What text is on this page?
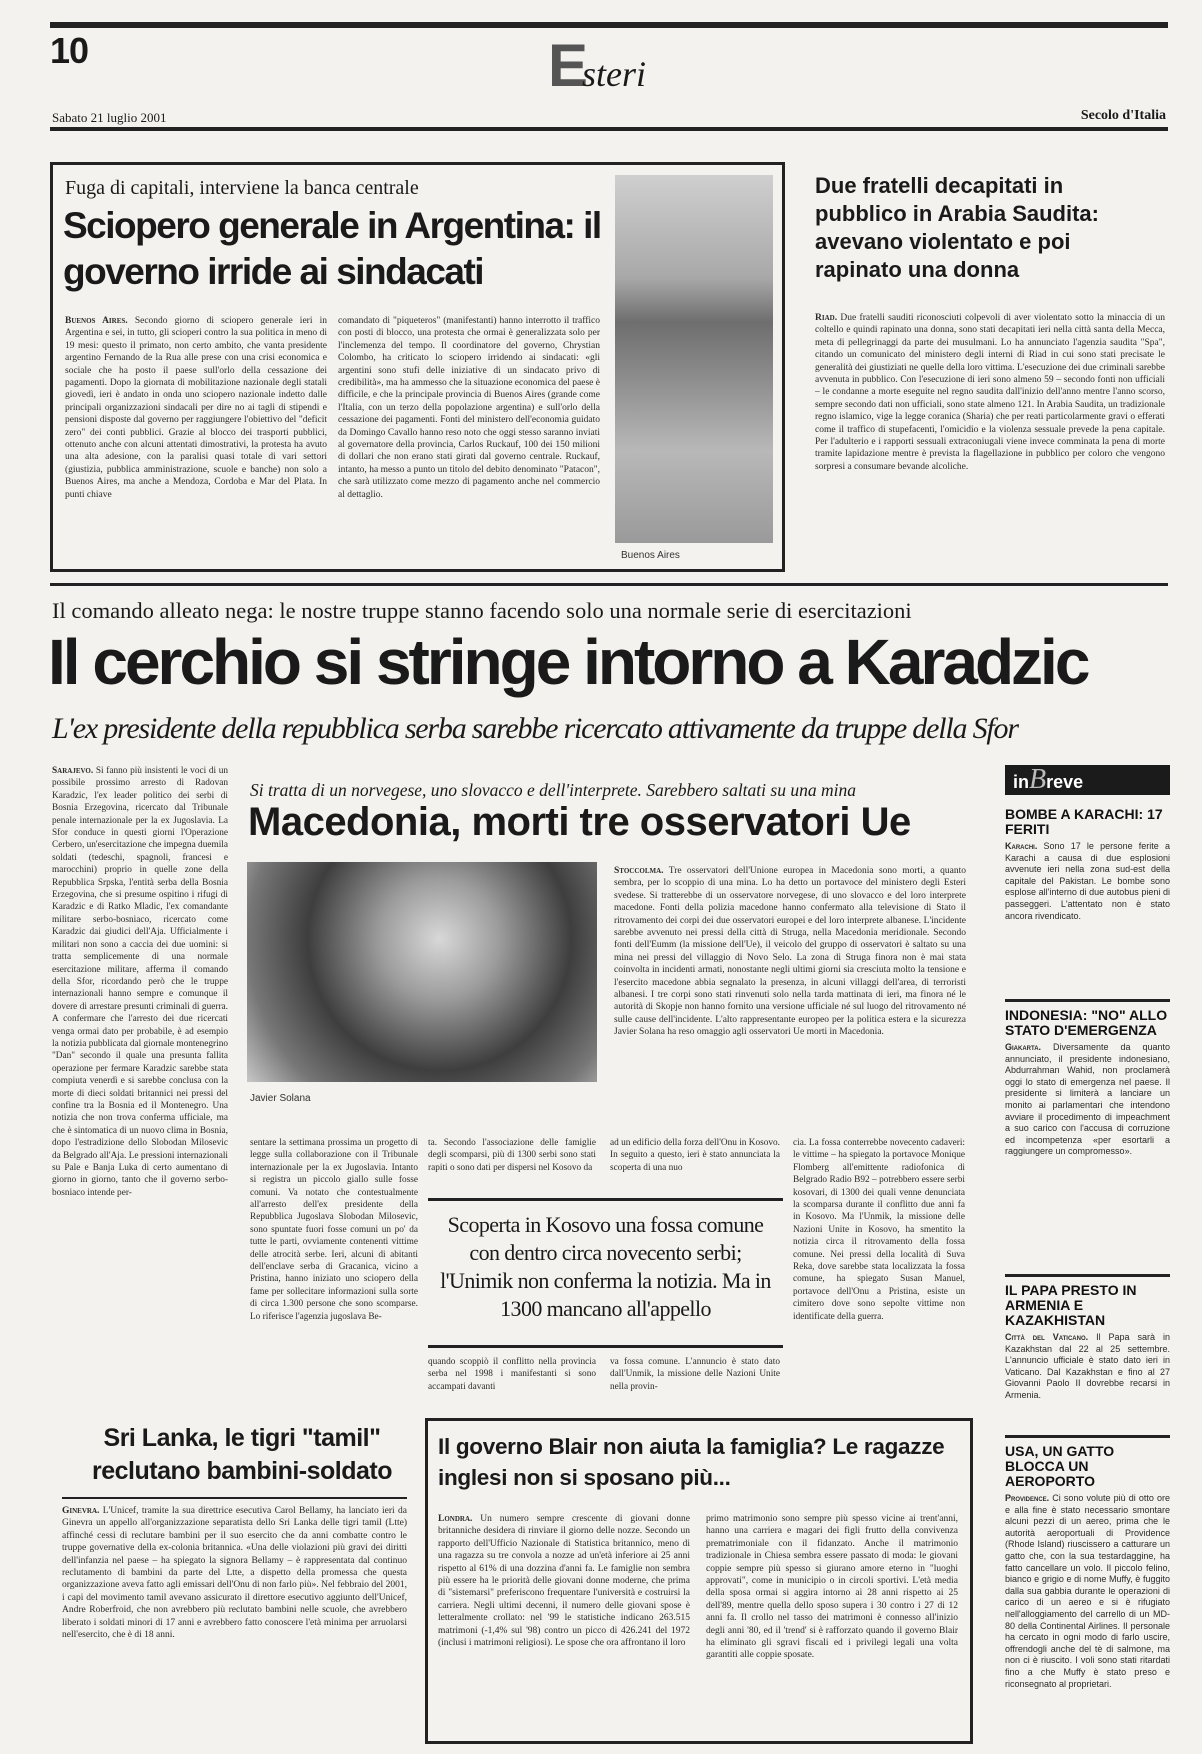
10	Esteri
Sabato 21 luglio 2001	Secolo d'Italia
Fuga di capitali, interviene la banca centrale
Sciopero generale in Argentina: il governo irride ai sindacati
Buenos Aires. Secondo giorno di sciopero generale ieri in Argentina e sei, in tutto, gli scioperi contro la sua politica in meno di 19 mesi: questo il primato, non certo ambito, che vanta presidente argentino Fernando de la Rua alle prese con una crisi economica e sociale che ha posto il paese sull'orlo della cessazione dei pagamenti. Dopo la giornata di mobilitazione nazionale degli statali giovedì, ieri è andato in onda uno sciopero nazionale indetto dalle principali organizzazioni sindacali per dire no ai tagli di stipendi e pensioni disposte dal governo per raggiungere l'obiettivo del "deficit zero" dei conti pubblici. Grazie al blocco dei trasporti pubblici, ottenuto anche con alcuni attentati dimostrativi, la protesta ha avuto una alta adesione, con la paralisi quasi totale di vari settori (giustizia, pubblica amministrazione, scuole e banche) non solo a Buenos Aires, ma anche a Mendoza, Cordoba e Mar del Plata. In punti chiave
comandato di "piqueteros" (manifestanti) hanno interrotto il traffico con posti di blocco, una protesta che ormai è generalizzata solo per l'inclemenza del tempo. Il coordinatore del governo, Chrystian Colombo, ha criticato lo sciopero irridendo ai sindacati: «gli argentini sono stufi delle iniziative di un sindacato privo di credibilità», ma ha ammesso che la situazione economica del paese è difficile, e che la principale provincia di Buenos Aires (grande come l'Italia, con un terzo della popolazione argentina) e sull'orlo della cessazione dei pagamenti. Fonti del ministero dell'economia guidato da Domingo Cavallo hanno reso noto che oggi stesso saranno inviati al governatore della provincia, Carlos Ruckauf, 100 dei 150 milioni di dollari che non erano stati girati dal governo centrale. Ruckauf, intanto, ha messo a punto un titolo del debito denominato "Patacon", che sarà utilizzato come mezzo di pagamento anche nel commercio al dettaglio.
Buenos Aires
Due fratelli decapitati in pubblico in Arabia Saudita: avevano violentato e poi rapinato una donna
Riad. Due fratelli sauditi riconosciuti colpevoli di aver violentato sotto la minaccia di un coltello e quindi rapinato una donna, sono stati decapitati ieri nella città santa della Mecca, meta di pellegrinaggi da parte dei musulmani. Lo ha annunciato l'agenzia saudita "Spa", citando un comunicato del ministero degli interni di Riad in cui sono stati precisate le generalità dei giustiziati ne quelle della loro vittima. L'esecuzione dei due criminali sarebbe avvenuta in pubblico. Con l'esecuzione di ieri sono almeno 59 – secondo fonti non ufficiali – le condanne a morte eseguite nel regno saudita dall'inizio dell'anno mentre l'anno scorso, sempre secondo dati non ufficiali, sono state almeno 121. In Arabia Saudita, un tradizionale regno islamico, vige la legge coranica (Sharia) che per reati particolarmente gravi o efferati come il traffico di stupefacenti, l'omicidio e la violenza sessuale prevede la pena capitale. Per l'adulterio e i rapporti sessuali extraconiugali viene invece comminata la pena di morte tramite lapidazione mentre è prevista la flagellazione in pubblico per coloro che vengono sorpresi a consumare bevande alcoliche.
Il comando alleato nega: le nostre truppe stanno facendo solo una normale serie di esercitazioni
Il cerchio si stringe intorno a Karadzic
L'ex presidente della repubblica serba sarebbe ricercato attivamente da truppe della Sfor
Sarajevo. Si fanno più insistenti le voci di un possibile prossimo arresto di Radovan Karadzic, l'ex leader politico dei serbi di Bosnia Erzegovina, ricercato dal Tribunale penale internazionale per la ex Jugoslavia. La Sfor conduce in questi giorni l'Operazione Cerbero, un'esercitazione che impegna duemila soldati (tedeschi, spagnoli, francesi e marocchini) proprio in quelle zone della Repubblica Srpska, l'entità serba della Bosnia Erzegovina, che si presume ospitino i rifugi di Karadzic e di Ratko Mladic, l'ex comandante militare serbo-bosniaco, ricercato come Karadzic dai giudici dell'Aja. Ufficialmente i militari non sono a caccia dei due uomini: si tratta semplicemente di una normale esercitazione militare, afferma il comando della Sfor, ricordando però che le truppe internazionali hanno sempre e comunque il dovere di arrestare presunti criminali di guerra. A confermare che l'arresto dei due ricercati venga ormai dato per probabile, è ad esempio la notizia pubblicata dal giornale montenegrino "Dan" secondo il quale una presunta fallita operazione per fermare Karadzic sarebbe stata compiuta venerdì e si sarebbe conclusa con la morte di dieci soldati britannici nei pressi del confine tra la Bosnia ed il Montenegro. Una notizia che non trova conferma ufficiale, ma che è sintomatica di un nuovo clima in Bosnia, dopo l'estradizione dello Slobodan Milosevic da Belgrado all'Aja. Le pressioni internazionali su Pale e Banja Luka di certo aumentano di giorno in giorno, tanto che il governo serbo-bosniaco intende per-
Si tratta di un norvegese, uno slovacco e dell'interprete. Sarebbero saltati su una mina
Macedonia, morti tre osservatori Ue
Javier Solana
Stoccolma. Tre osservatori dell'Unione europea in Macedonia sono morti, a quanto sembra, per lo scoppio di una mina. Lo ha detto un portavoce del ministero degli Esteri svedese. Si tratterebbe di un osservatore norvegese, di uno slovacco e del loro interprete macedone. Fonti della polizia macedone hanno confermato alla televisione di Stato il ritrovamento dei corpi dei due osservatori europei e del loro interprete albanese. L'incidente sarebbe avvenuto nei pressi della città di Struga, nella Macedonia meridionale. Secondo fonti dell'Eumm (la missione dell'Ue), il veicolo del gruppo di osservatori è saltato su una mina nei pressi del villaggio di Novo Selo. La zona di Struga finora non è mai stata coinvolta in incidenti armati, nonostante negli ultimi giorni sia cresciuta molto la tensione e l'esercito macedone abbia segnalato la presenza, in alcuni villaggi dell'area, di terroristi albanesi. I tre corpi sono stati rinvenuti solo nella tarda mattinata di ieri, ma finora né le autorità di Skopje non hanno fornito una versione ufficiale né sul luogo del ritrovamento né sulle cause dell'incidente. L'alto rappresentante europeo per la politica estera e la sicurezza Javier Solana ha reso omaggio agli osservatori Ue morti in Macedonia.
sentare la settimana prossima un progetto di legge sulla collaborazione con il Tribunale internazionale per la ex Jugoslavia. Intanto si registra un piccolo giallo sulle fosse comuni. Va notato che contestualmente all'arresto dell'ex presidente della Repubblica Jugoslava Slobodan Milosevic, sono spuntate fuori fosse comuni un po' da tutte le parti, ovviamente contenenti vittime delle atrocità serbe. Ieri, alcuni di abitanti dell'enclave serba di Gracanica, vicino a Pristina, hanno iniziato uno sciopero della fame per sollecitare informazioni sulla sorte di circa 1.300 persone che sono scomparse. Lo riferisce l'agenzia jugoslava Be-
ta. Secondo l'associazione delle famiglie degli scomparsi, più di 1300 serbi sono stati rapiti o sono dati per dispersi nel Kosovo da
ad un edificio della forza dell'Onu in Kosovo. In seguito a questo, ieri è stato annunciata la scoperta di una nuo
Scoperta in Kosovo una fossa comune con dentro circa novecento serbi; l'Unimik non conferma la notizia. Ma in 1300 mancano all'appello
quando scoppiò il conflitto nella provincia serba nel 1998 i manifestanti si sono accampati davanti
va fossa comune. L'annuncio è stato dato dall'Unmik, la missione delle Nazioni Unite nella provin-
cia. La fossa conterrebbe novecento cadaveri: le vittime – ha spiegato la portavoce Monique Flomberg all'emittente radiofonica di Belgrado Radio B92 – potrebbero essere serbi kosovari, di 1300 dei quali venne denunciata la scomparsa durante il conflitto due anni fa in Kosovo. Ma l'Unmik, la missione delle Nazioni Unite in Kosovo, ha smentito la notizia circa il ritrovamento della fossa comune. Nei pressi della località di Suva Reka, dove sarebbe stata localizzata la fossa comune, ha spiegato Susan Manuel, portavoce dell'Onu a Pristina, esiste un cimitero dove sono sepolte vittime non identificate della guerra.
inBreve
BOMBE A KARACHI: 17 FERITI
Karachi. Sono 17 le persone ferite a Karachi a causa di due esplosioni avvenute ieri nella zona sud-est della capitale del Pakistan. Le bombe sono esplose all'interno di due autobus pieni di passeggeri. L'attentato non è stato ancora rivendicato.
INDONESIA: "NO" ALLO STATO D'EMERGENZA
Giakarta. Diversamente da quanto annunciato, il presidente indonesiano, Abdurrahman Wahid, non proclamerà oggi lo stato di emergenza nel paese. Il presidente si limiterà a lanciare un monito ai parlamentari che intendono avviare il procedimento di impeachment a suo carico con l'accusa di corruzione ed incompetenza «per esortarli a raggiungere un compromesso».
IL PAPA PRESTO IN ARMENIA E KAZAKHISTAN
Città del Vaticano. Il Papa sarà in Kazakhstan dal 22 al 25 settembre. L'annuncio ufficiale è stato dato ieri in Vaticano. Dal Kazakhstan e fino al 27 Giovanni Paolo II dovrebbe recarsi in Armenia.
USA, UN GATTO BLOCCA UN AEROPORTO
Providence. Ci sono volute più di otto ore e alla fine è stato necessario smontare alcuni pezzi di un aereo, prima che le autorità aeroportuali di Providence (Rhode Island) riuscissero a catturare un gatto che, con la sua testardaggine, ha fatto cancellare un volo. Il piccolo felino, bianco e grigio e di nome Muffy, è fuggito dalla sua gabbia durante le operazioni di carico di un aereo e si è rifugiato nell'alloggiamento del carrello di un MD-80 della Continental Airlines. Il personale ha cercato in ogni modo di farlo uscire, offrendogli anche del tè di salmone, ma non ci è riuscito. I voli sono stati ritardati fino a che Muffy è stato preso e riconsegnato al proprietari.
Sri Lanka, le tigri "tamil" reclutano bambini-soldato
Ginevra. L'Unicef, tramite la sua direttrice esecutiva Carol Bellamy, ha lanciato ieri da Ginevra un appello all'organizzazione separatista dello Sri Lanka delle tigri tamil (Ltte) affinché cessi di reclutare bambini per il suo esercito che da anni combatte contro le truppe governative della ex-colonia britannica. «Una delle violazioni più gravi dei diritti dell'infanzia nel paese – ha spiegato la signora Bellamy – è rappresentata dal continuo reclutamento di bambini da parte del Ltte, a dispetto della promessa che questa organizzazione aveva fatto agli emissari dell'Onu di non farlo più». Nel febbraio del 2001, i capi del movimento tamil avevano assicurato il direttore esecutivo aggiunto dell'Unicef, Andre Roberfroid, che non avrebbero più reclutato bambini nelle scuole, che avrebbero liberato i soldati minori di 17 anni e avrebbero fatto conoscere l'età minima per arruolarsi nell'esercito, che è di 18 anni.
Il governo Blair non aiuta la famiglia? Le ragazze inglesi non si sposano più...
Londra. Un numero sempre crescente di giovani donne britanniche desidera di rinviare il giorno delle nozze. Secondo un rapporto dell'Ufficio Nazionale di Statistica britannico, meno di una ragazza su tre convola a nozze ad un'età inferiore ai 25 anni rispetto al 61% di una dozzina d'anni fa. Le famiglie non sembra più essere ha le priorità delle giovani donne moderne, che prima di "sistemarsi" preferiscono frequentare l'università e costruirsi la carriera. Negli ultimi decenni, il numero delle giovani spose è letteralmente crollato: nel '99 le statistiche indicano 263.515 matrimoni (-1,4% sul '98) contro un picco di 426.241 del 1972 (inclusi i matrimoni religiosi). Le spose che ora affrontano il loro
primo matrimonio sono sempre più spesso vicine ai trent'anni, hanno una carriera e magari dei figli frutto della convivenza prematrimoniale con il fidanzato. Anche il matrimonio tradizionale in Chiesa sembra essere passato di moda: le giovani coppie sempre più spesso si giurano amore eterno in "luoghi approvati", come in municipio o in circoli sportivi. L'età media della sposa ormai si aggira intorno ai 28 anni rispetto ai 25 dell'89, mentre quella dello sposo supera i 30 contro i 27 di 12 anni fa. Il crollo nel tasso dei matrimoni è connesso all'inizio degli anni '80, ed il 'trend' si è rafforzato quando il governo Blair ha eliminato gli sgravi fiscali ed i privilegi legali una volta garantiti alle coppie sposate.
